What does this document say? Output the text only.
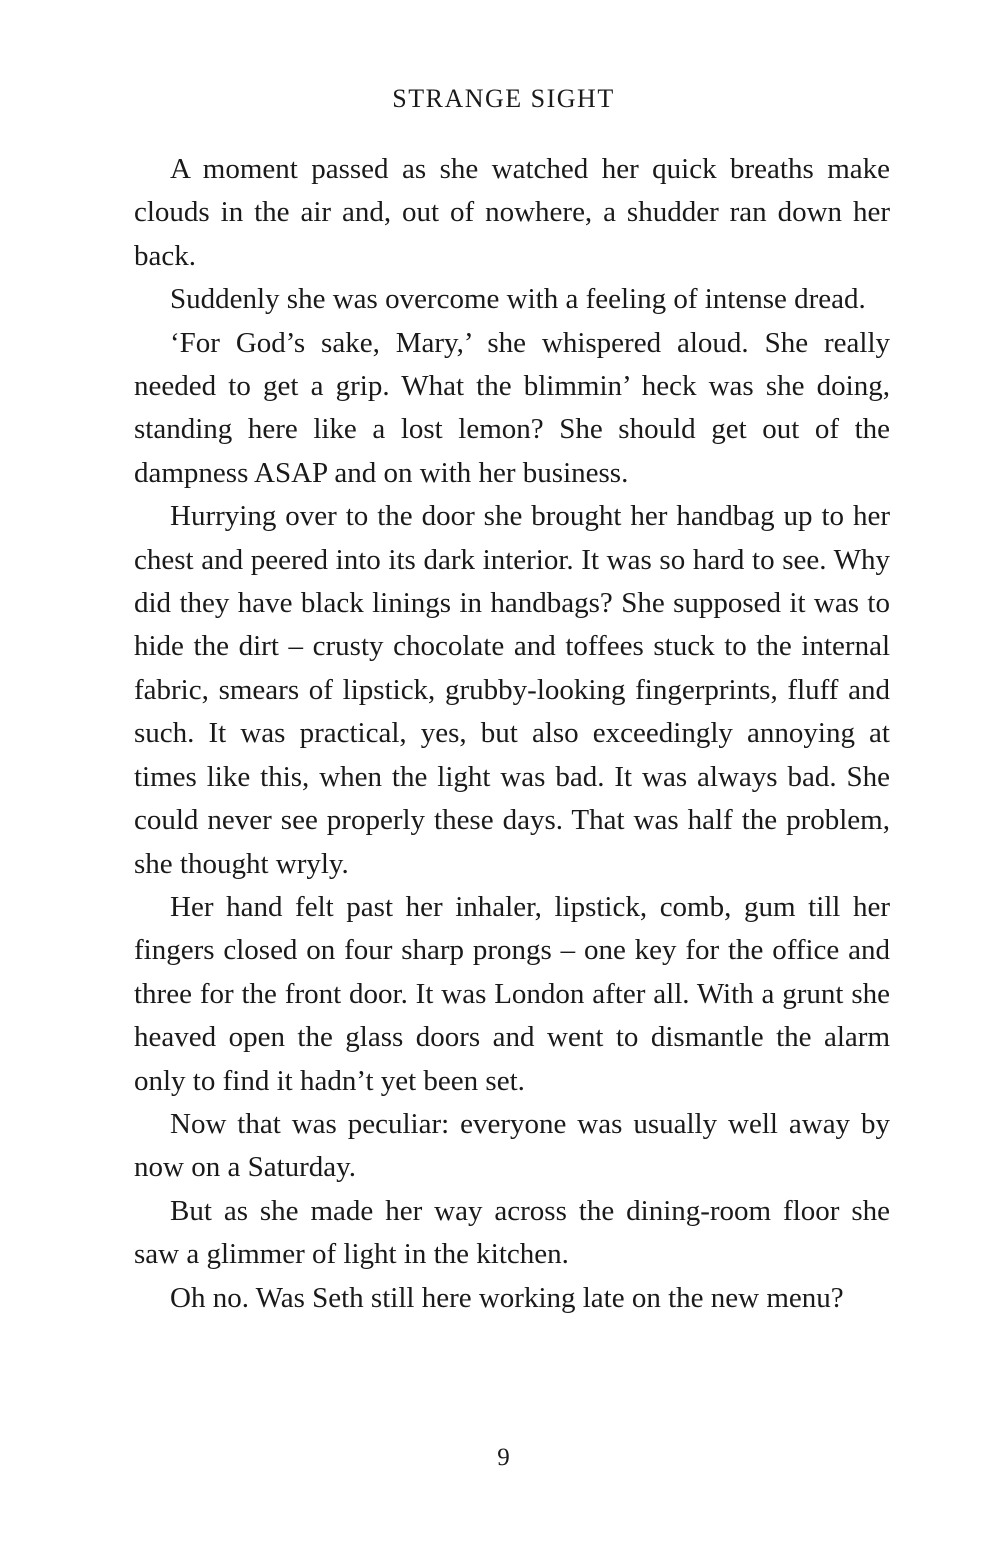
STRANGE SIGHT

A moment passed as she watched her quick breaths make clouds in the air and, out of nowhere, a shudder ran down her back.

Suddenly she was overcome with a feeling of intense dread.

‘For God’s sake, Mary,’ she whispered aloud. She really needed to get a grip. What the blimmin’ heck was she doing, standing here like a lost lemon? She should get out of the dampness ASAP and on with her business.

Hurrying over to the door she brought her handbag up to her chest and peered into its dark interior. It was so hard to see. Why did they have black linings in handbags? She supposed it was to hide the dirt – crusty chocolate and toffees stuck to the internal fabric, smears of lipstick, grubby-looking fingerprints, fluff and such. It was practical, yes, but also exceedingly annoying at times like this, when the light was bad. It was always bad. She could never see properly these days. That was half the problem, she thought wryly.

Her hand felt past her inhaler, lipstick, comb, gum till her fingers closed on four sharp prongs – one key for the office and three for the front door. It was London after all. With a grunt she heaved open the glass doors and went to dismantle the alarm only to find it hadn’t yet been set.

Now that was peculiar: everyone was usually well away by now on a Saturday.

But as she made her way across the dining-room floor she saw a glimmer of light in the kitchen.

Oh no. Was Seth still here working late on the new menu?

9
